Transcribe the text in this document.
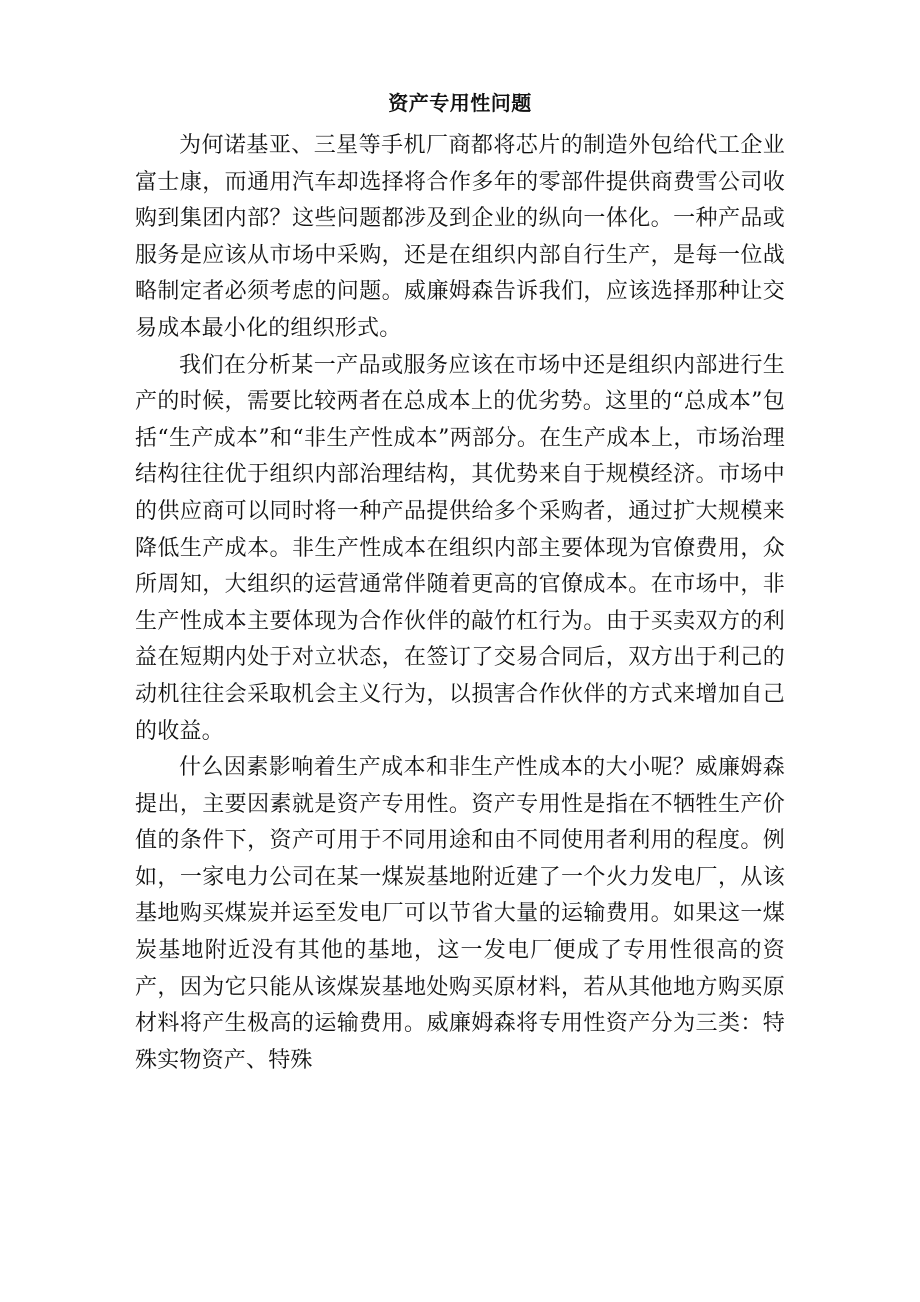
资产专用性问题

为何诺基亚、三星等手机厂商都将芯片的制造外包给代工企业富士康，而通用汽车却选择将合作多年的零部件提供商费雪公司收购到集团内部？这些问题都涉及到企业的纵向一体化。一种产品或服务是应该从市场中采购，还是在组织内部自行生产，是每一位战略制定者必须考虑的问题。威廉姆森告诉我们，应该选择那种让交易成本最小化的组织形式。

我们在分析某一产品或服务应该在市场中还是组织内部进行生产的时候，需要比较两者在总成本上的优劣势。这里的“总成本”包括“生产成本”和“非生产性成本”两部分。在生产成本上，市场治理结构往往优于组织内部治理结构，其优势来自于规模经济。市场中的供应商可以同时将一种产品提供给多个采购者，通过扩大规模来降低生产成本。非生产性成本在组织内部主要体现为官僚费用，众所周知，大组织的运营通常伴随着更高的官僚成本。在市场中，非生产性成本主要体现为合作伙伴的敲竹杠行为。由于买卖双方的利益在短期内处于对立状态，在签订了交易合同后，双方出于利己的动机往往会采取机会主义行为，以损害合作伙伴的方式来增加自己的收益。

什么因素影响着生产成本和非生产性成本的大小呢？威廉姆森提出，主要因素就是资产专用性。资产专用性是指在不牺牲生产价值的条件下，资产可用于不同用途和由不同使用者利用的程度。例如，一家电力公司在某一煤炭基地附近建了一个火力发电厂，从该基地购买煤炭并运至发电厂可以节省大量的运输费用。如果这一煤炭基地附近没有其他的基地，这一发电厂便成了专用性很高的资产，因为它只能从该煤炭基地处购买原材料，若从其他地方购买原材料将产生极高的运输费用。威廉姆森将专用性资产分为三类：特殊实物资产、特殊
